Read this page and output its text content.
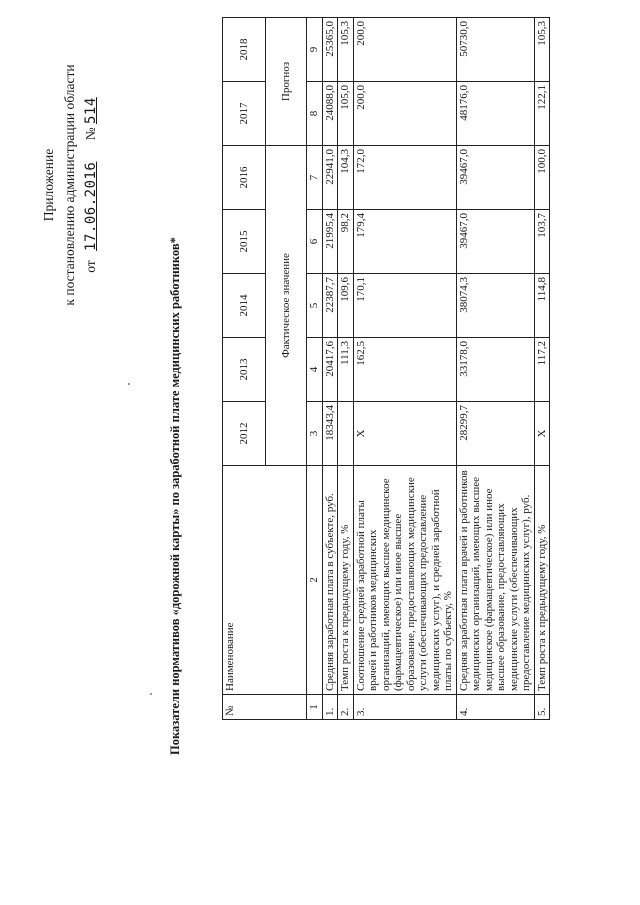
Приложение к постановлению администрации области от 17.06.2016 № 514
Показатели нормативов «дорожной карты» по заработной плате медицинских работников*	№	Наименование	2012	2013	2014	2015	2016	2017	2018
		Фактическое значение					Прогноз	
1	2	3	4	5	6	7	8	9
1.	Средняя заработная плата в субъекте, руб.	18343,4	20417,6	22387,7	21995,4	22941,0	24088,0	25365,0
2.	Темп роста к предыдущему году, %		111,3	109,6	98,2	104,3	105,0	105,3
3.	Соотношение средней заработной платы врачей и работников медицинских организаций, имеющих высшее медицинское (фармацевтическое) или иное высшее образование, предоставляющих медицинские услуги (обеспечивающих предоставление медицинских услуг), и средней заработной платы по субъекту, %	Х	162,5	170,1	179,4	172,0	200,0	200,0
4.	Средняя заработная плата врачей и работников медицинских организаций, имеющих высшее медицинское (фармацевтическое) или иное высшее образование, предоставляющих медицинские услуги (обеспечивающих предоставление медицинских услуг), руб.	28299,7	33178,0	38074,3	39467,0	39467,0	48176,0	50730,0
5.	Темп роста к предыдущему году, %	Х	117,2	114,8	103,7	100,0	122,1	105,3
